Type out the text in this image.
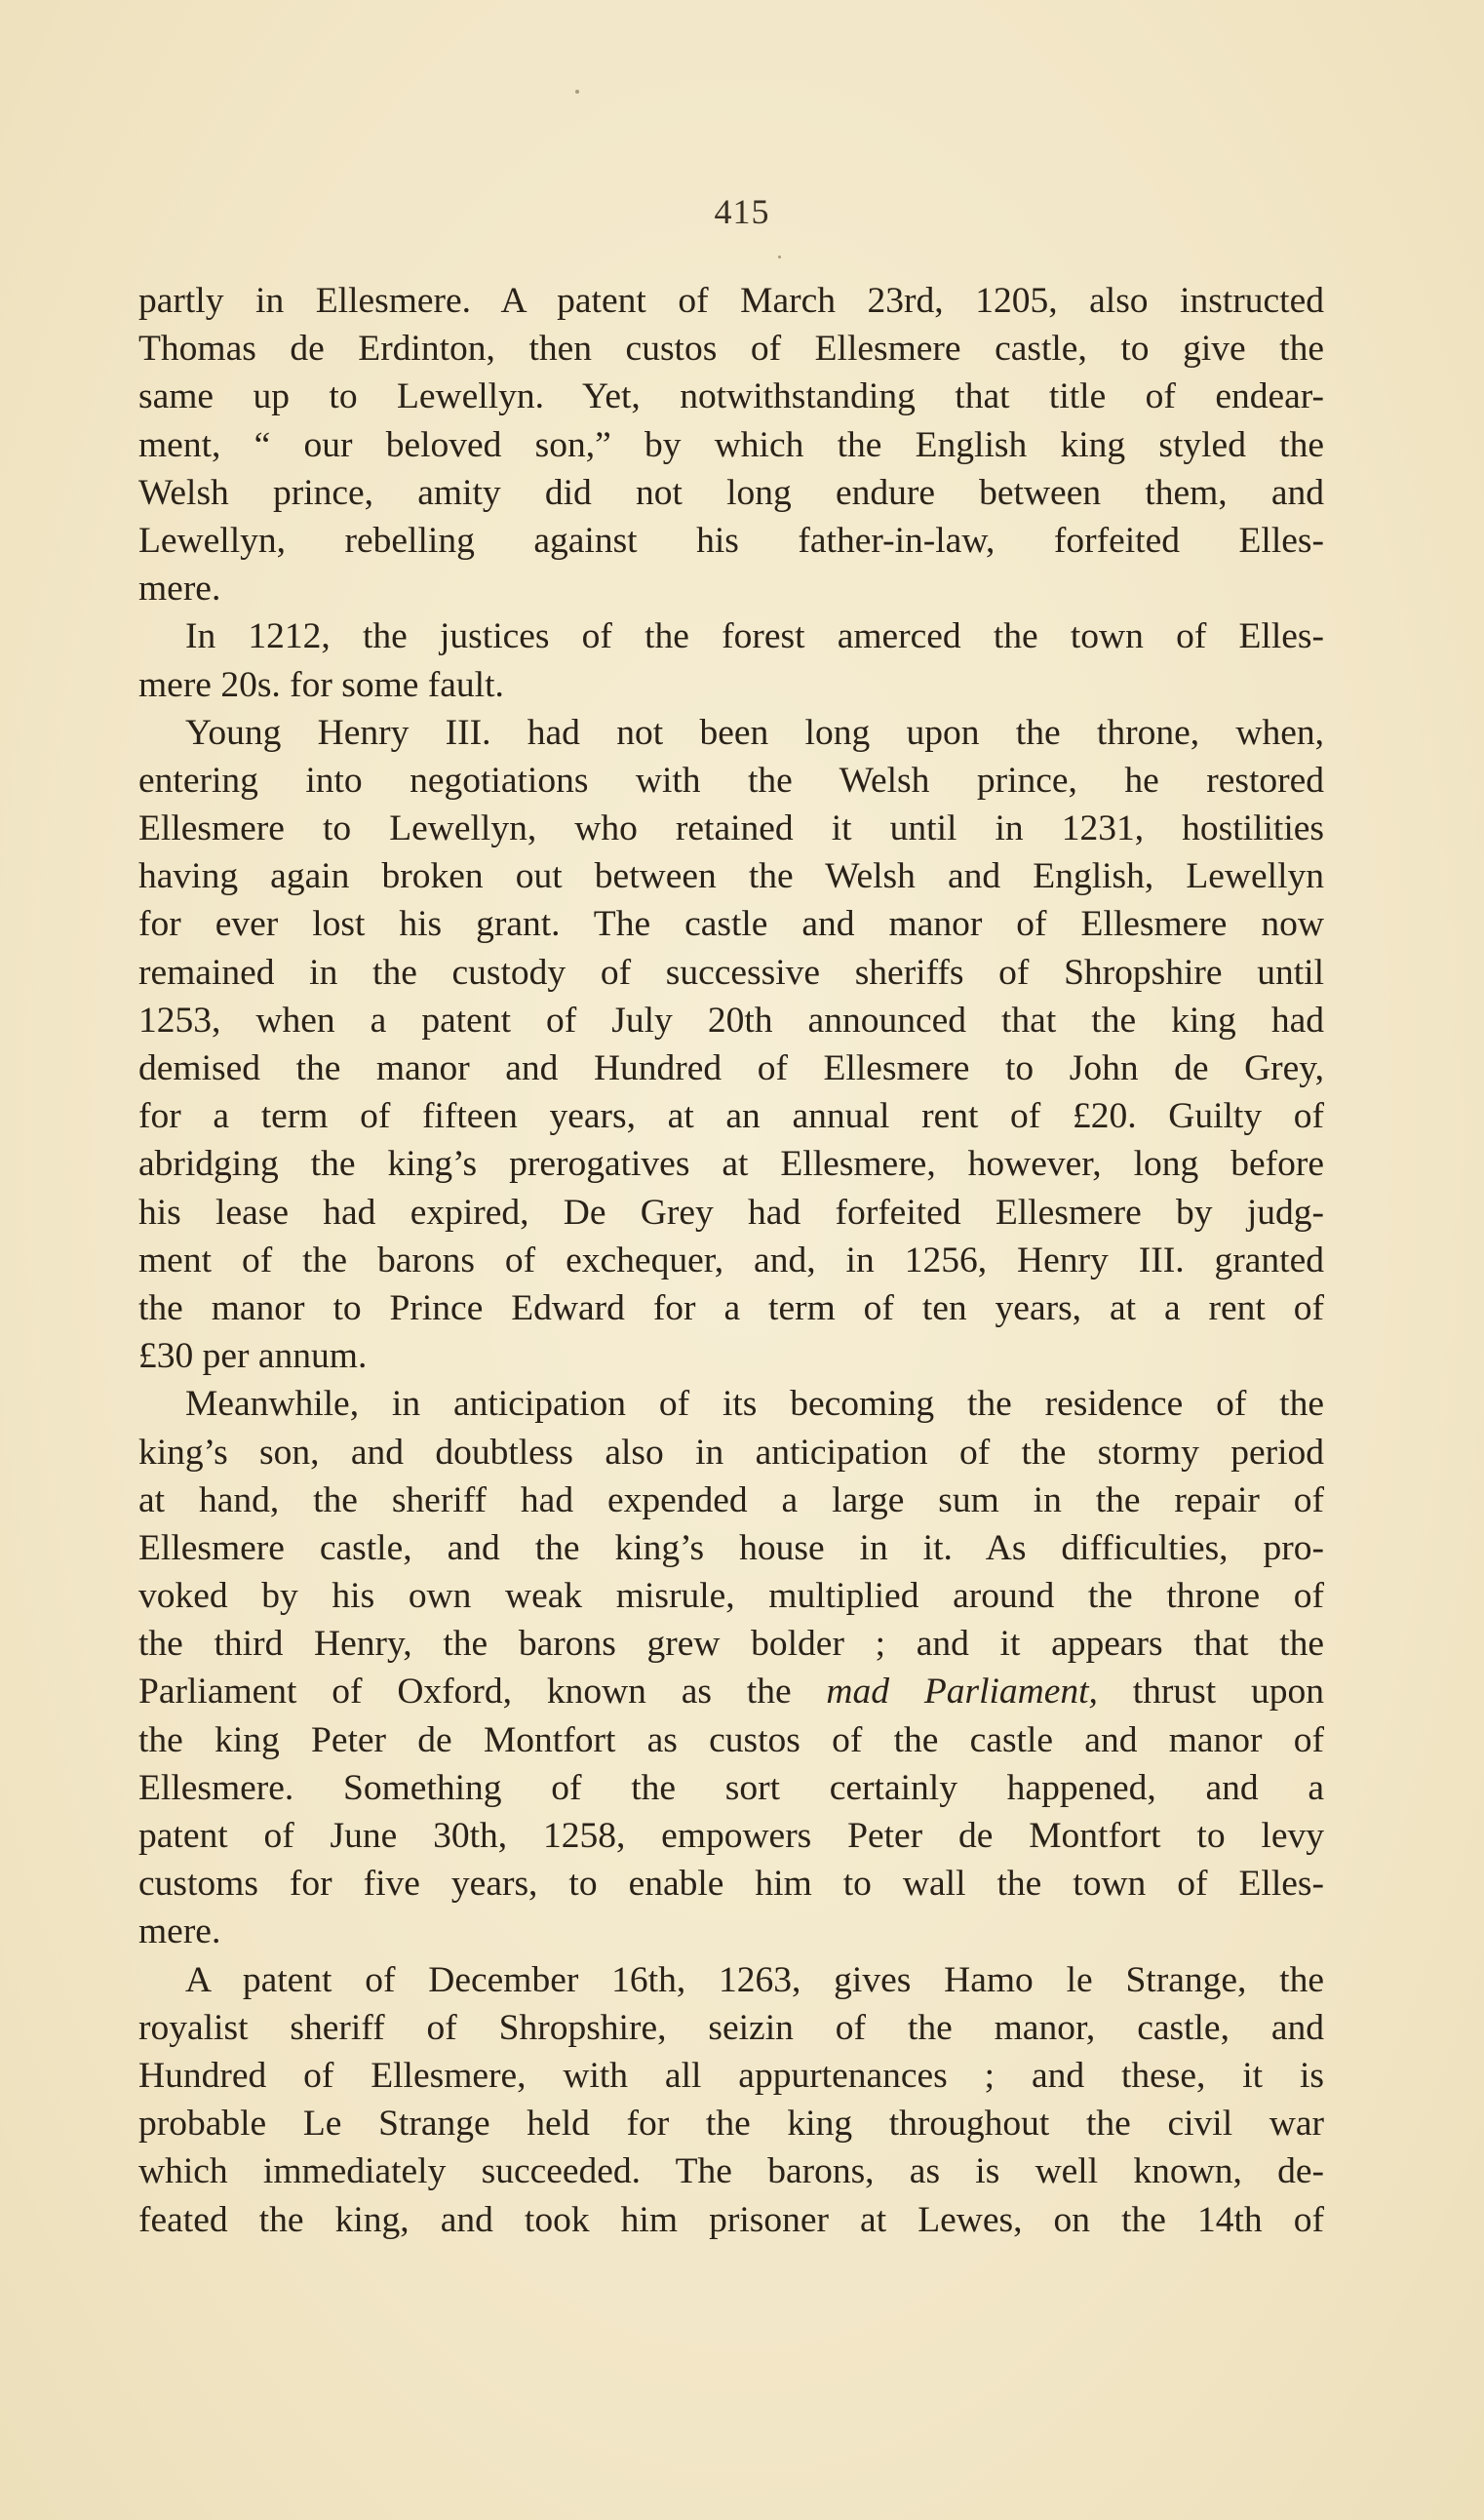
415
partly in Ellesmere. A patent of March 23rd, 1205, also instructed
Thomas de Erdinton, then custos of Ellesmere castle, to give the
same up to Lewellyn. Yet, notwithstanding that title of endear-
ment, “ our beloved son,” by which the English king styled the
Welsh prince, amity did not long endure between them, and
Lewellyn, rebelling against his father-in-law, forfeited Elles-
mere.
In 1212, the justices of the forest amerced the town of Elles-
mere 20s. for some fault.
Young Henry III. had not been long upon the throne, when,
entering into negotiations with the Welsh prince, he restored
Ellesmere to Lewellyn, who retained it until in 1231, hostilities
having again broken out between the Welsh and English, Lewellyn
for ever lost his grant. The castle and manor of Ellesmere now
remained in the custody of successive sheriffs of Shropshire until
1253, when a patent of July 20th announced that the king had
demised the manor and Hundred of Ellesmere to John de Grey,
for a term of fifteen years, at an annual rent of £20. Guilty of
abridging the king’s prerogatives at Ellesmere, however, long before
his lease had expired, De Grey had forfeited Ellesmere by judg-
ment of the barons of exchequer, and, in 1256, Henry III. granted
the manor to Prince Edward for a term of ten years, at a rent of
£30 per annum.
Meanwhile, in anticipation of its becoming the residence of the
king’s son, and doubtless also in anticipation of the stormy period
at hand, the sheriff had expended a large sum in the repair of
Ellesmere castle, and the king’s house in it. As difficulties, pro-
voked by his own weak misrule, multiplied around the throne of
the third Henry, the barons grew bolder ; and it appears that the
Parliament of Oxford, known as the mad Parliament, thrust upon
the king Peter de Montfort as custos of the castle and manor of
Ellesmere. Something of the sort certainly happened, and a
patent of June 30th, 1258, empowers Peter de Montfort to levy
customs for five years, to enable him to wall the town of Elles-
mere.
A patent of December 16th, 1263, gives Hamo le Strange, the
royalist sheriff of Shropshire, seizin of the manor, castle, and
Hundred of Ellesmere, with all appurtenances ; and these, it is
probable Le Strange held for the king throughout the civil war
which immediately succeeded. The barons, as is well known, de-
feated the king, and took him prisoner at Lewes, on the 14th of
